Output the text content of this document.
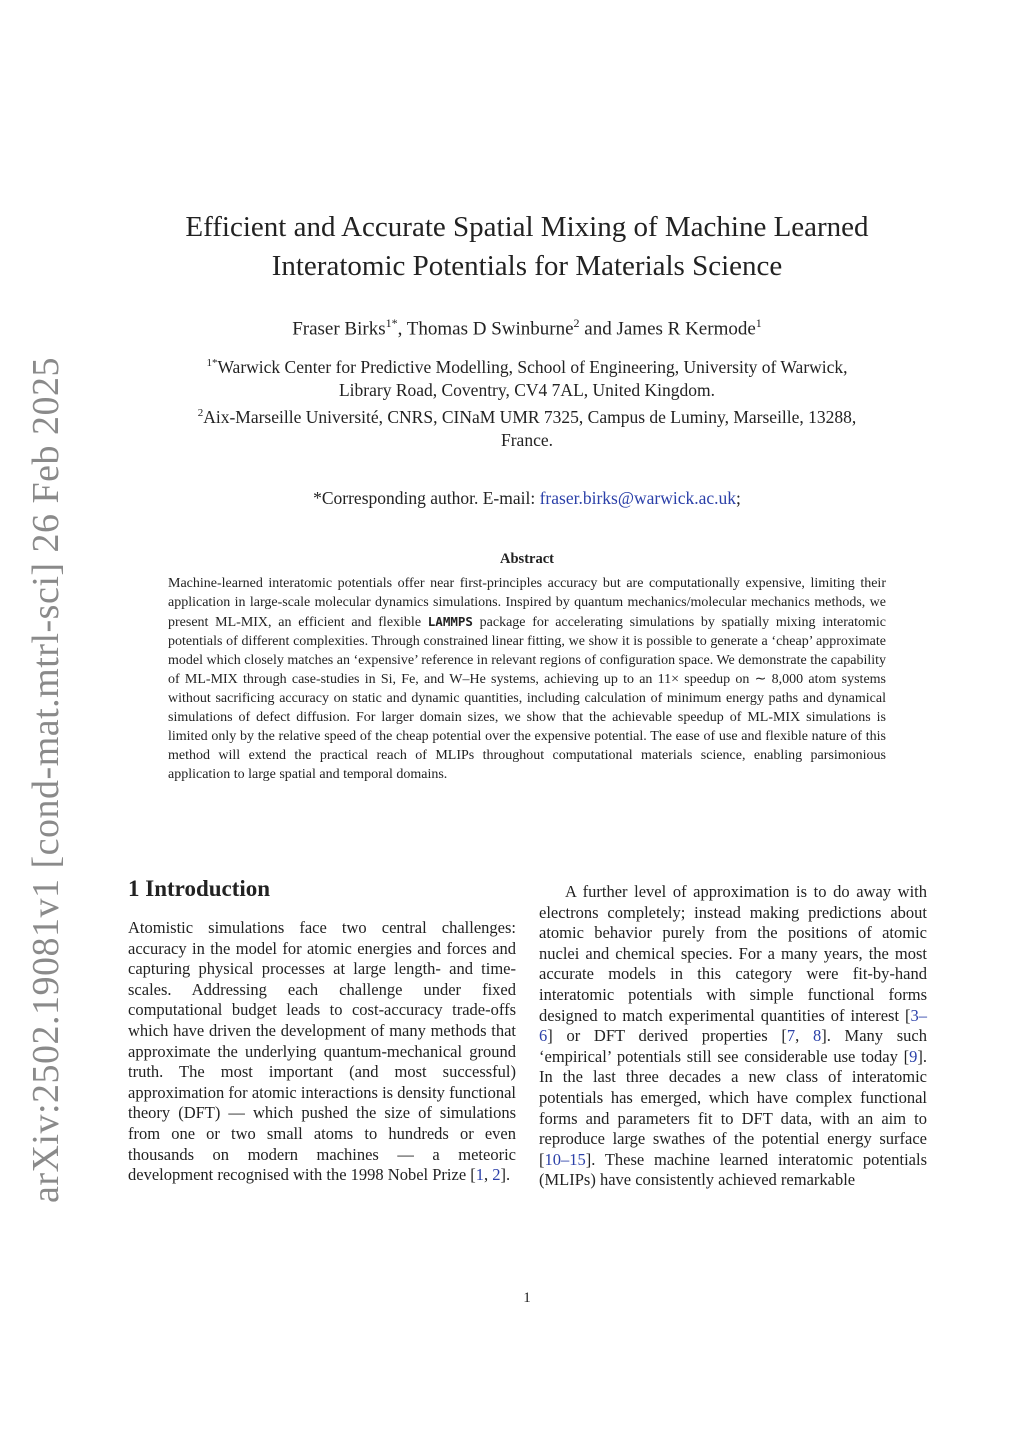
arXiv:2502.19081v1 [cond-mat.mtrl-sci] 26 Feb 2025
Efficient and Accurate Spatial Mixing of Machine Learned
Interatomic Potentials for Materials Science
Fraser Birks$^{1*}$, Thomas D Swinburne$^2$ and James R Kermode$^1$
$^{1*}$Warwick Center for Predictive Modelling, School of Engineering, University of Warwick,
Library Road, Coventry, CV4 7AL, United Kingdom.
$^2$Aix-Marseille Université, CNRS, CINaM UMR 7325, Campus de Luminy, Marseille, 13288,
France.
*Corresponding author. E-mail: fraser.birks@warwick.ac.uk;
Abstract
Machine-learned interatomic potentials offer near first-principles accuracy but are computationally expensive, limiting their application in large-scale molecular dynamics simulations. Inspired by quantum mechanics/molecular mechanics methods, we present ML-MIX, an efficient and flexible LAMMPS package for accelerating simulations by spatially mixing interatomic potentials of different complexities. Through constrained linear fitting, we show it is possible to generate a ‘cheap’ approximate model which closely matches an ‘expensive’ reference in relevant regions of configuration space. We demonstrate the capability of ML-MIX through case-studies in Si, Fe, and W–He systems, achieving up to an 11× speedup on ∼ 8,000 atom systems without sacrificing accuracy on static and dynamic quantities, including calculation of minimum energy paths and dynamical simulations of defect diffusion. For larger domain sizes, we show that the achievable speedup of ML-MIX simulations is limited only by the relative speed of the cheap potential over the expensive potential. The ease of use and flexible nature of this method will extend the practical reach of MLIPs throughout computational materials science, enabling parsimonious application to large spatial and temporal domains.
1 Introduction
Atomistic simulations face two central challenges: accuracy in the model for atomic energies and forces and capturing physical processes at large length- and time-scales. Addressing each challenge under fixed computational budget leads to cost-accuracy trade-offs which have driven the development of many methods that approximate the underlying quantum-mechanical ground truth. The most important (and most successful) approximation for atomic interactions is density functional theory (DFT) — which pushed the size of simulations from one or two small atoms to hundreds or even thousands on modern machines — a meteoric development recognised with the 1998 Nobel Prize [1, 2].
A further level of approximation is to do away with electrons completely; instead making predictions about atomic behavior purely from the positions of atomic nuclei and chemical species. For a many years, the most accurate models in this category were fit-by-hand interatomic potentials with simple functional forms designed to match experimental quantities of interest [3–6] or DFT derived properties [7, 8]. Many such ‘empirical’ potentials still see considerable use today [9]. In the last three decades a new class of interatomic potentials has emerged, which have complex functional forms and parameters fit to DFT data, with an aim to reproduce large swathes of the potential energy surface [10–15]. These machine learned interatomic potentials (MLIPs) have consistently achieved remarkable
1
